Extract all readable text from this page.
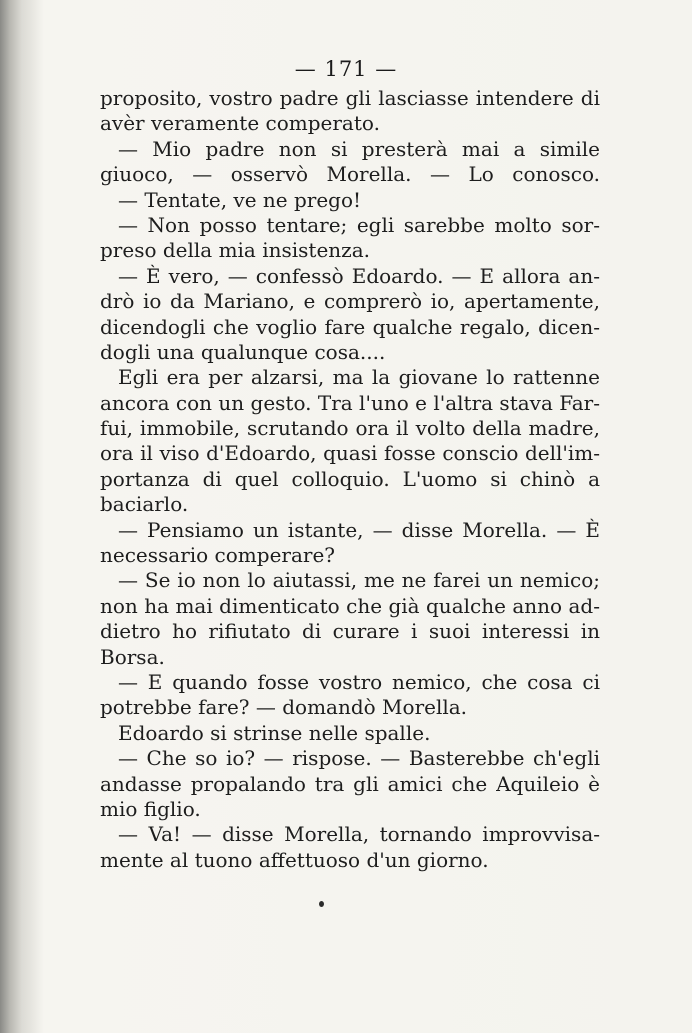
— 171 —
proposito, vostro padre gli lasciasse intendere di
avèr veramente comperato.
— Mio padre non si presterà mai a simile
giuoco, — osservò Morella. — Lo conosco.
— Tentate, ve ne prego!
— Non posso tentare; egli sarebbe molto sor-
preso della mia insistenza.
— È vero, — confessò Edoardo. — E allora an-
drò io da Mariano, e comprerò io, apertamente,
dicendogli che voglio fare qualche regalo, dicen-
dogli una qualunque cosa....
Egli era per alzarsi, ma la giovane lo rattenne
ancora con un gesto. Tra l'uno e l'altra stava Far-
fui, immobile, scrutando ora il volto della madre,
ora il viso d'Edoardo, quasi fosse conscio dell'im-
portanza di quel colloquio. L'uomo si chinò a
baciarlo.
— Pensiamo un istante, — disse Morella. — È
necessario comperare?
— Se io non lo aiutassi, me ne farei un nemico;
non ha mai dimenticato che già qualche anno ad-
dietro ho rifiutato di curare i suoi interessi in
Borsa.
— E quando fosse vostro nemico, che cosa ci
potrebbe fare? — domandò Morella.
Edoardo si strinse nelle spalle.
— Che so io? — rispose. — Basterebbe ch'egli
andasse propalando tra gli amici che Aquileio è
mio figlio.
— Va! — disse Morella, tornando improvvisa-
mente al tuono affettuoso d'un giorno.
